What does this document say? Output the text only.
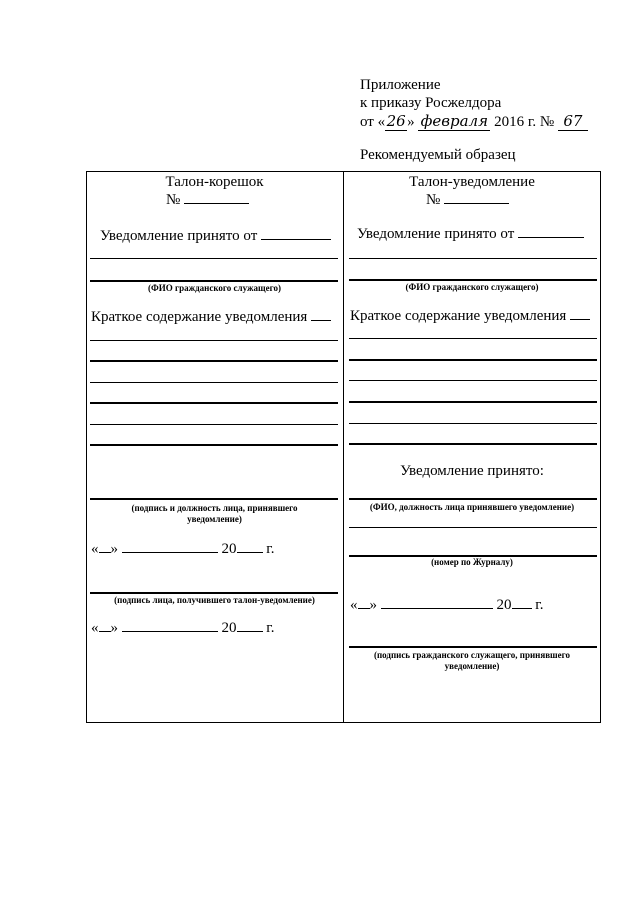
Приложение
к приказу Росжелдора
от «26» февраля 2016 г. № 67
Рекомендуемый образец
Талон-корешок
№
Уведомление принято от
(ФИО гражданского служащего)
Краткое содержание уведомления
(подпись и должность лица, принявшего
уведомление)
« »	20 г.
(подпись лица, получившего талон-уведомление)
« »	20 г.
Талон-уведомление
№
Уведомление принято от
(ФИО гражданского служащего)
Краткое содержание уведомления
Уведомление принято:
(ФИО, должность лица принявшего уведомление)
(номер по Журналу)
« »	20 г.
(подпись гражданского служащего, принявшего
уведомление)
